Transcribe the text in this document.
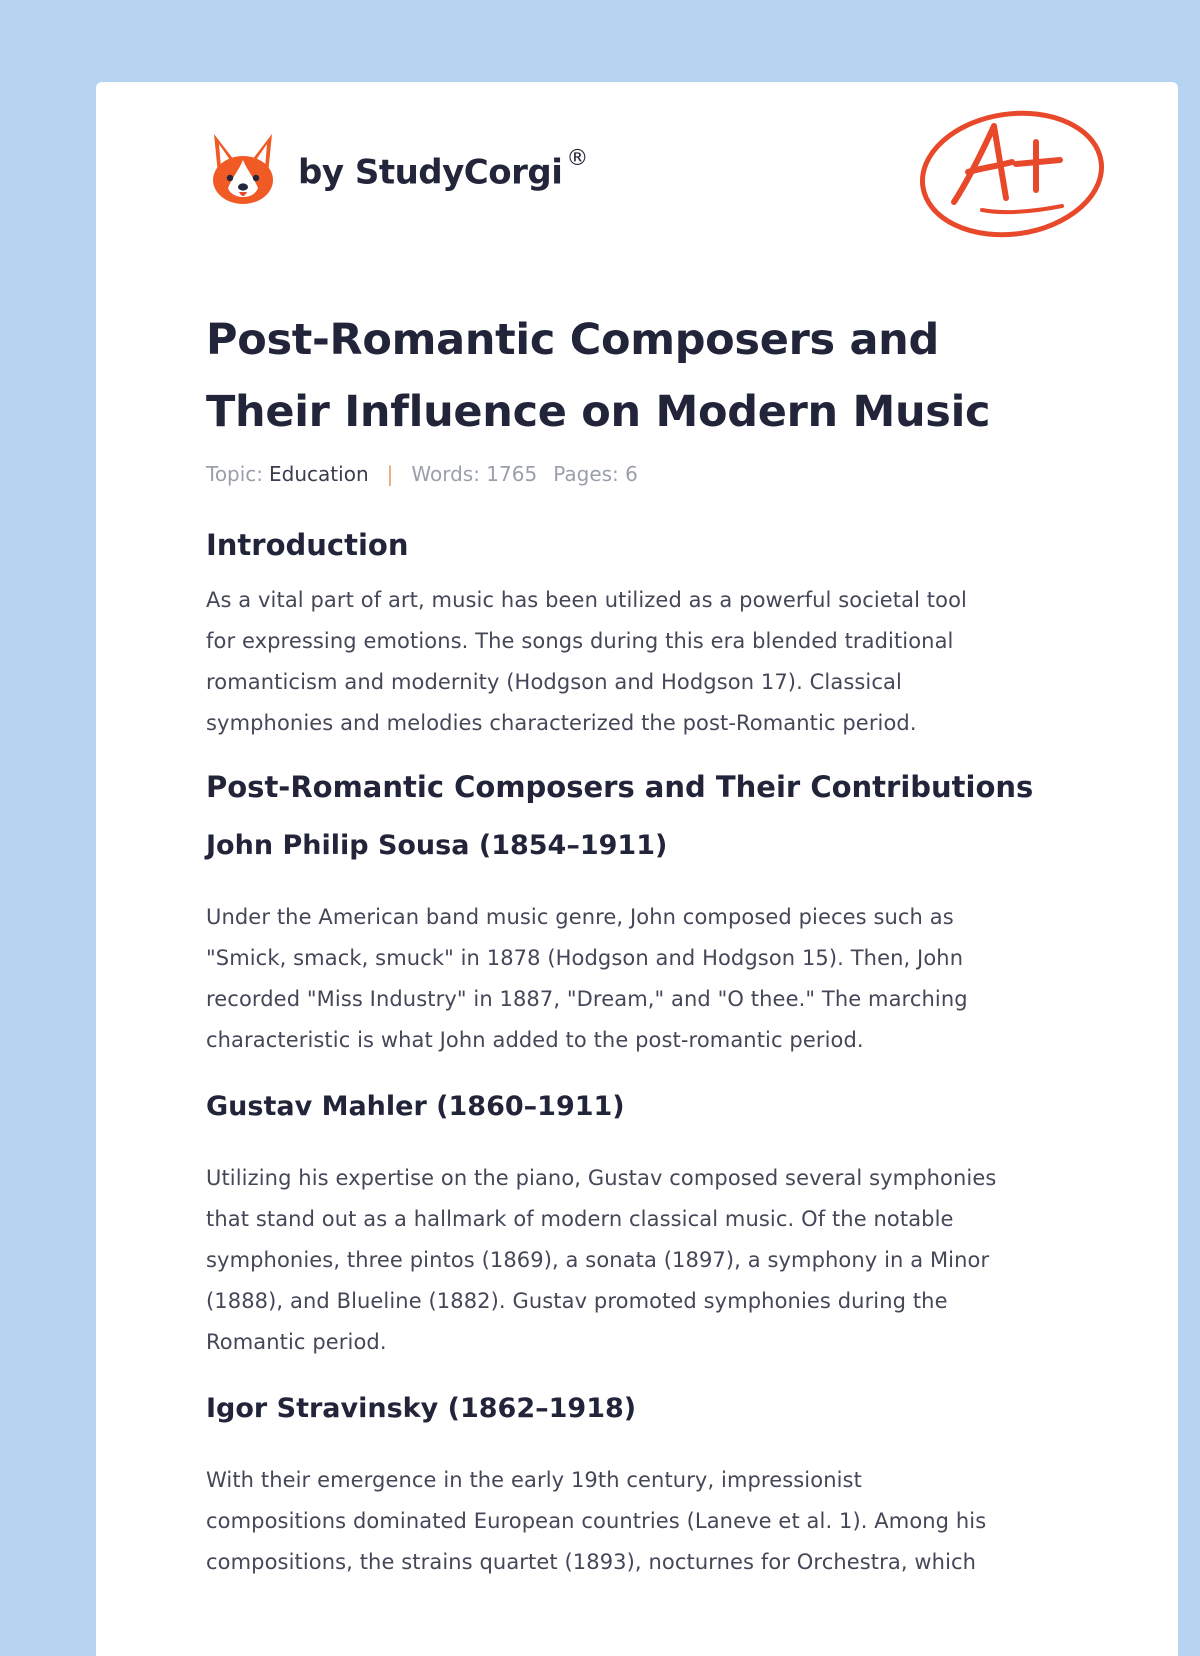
by StudyCorgi ®
Post-Romantic Composers and
Their Influence on Modern Music
Topic: Education | Words: 1765 Pages: 6
Introduction

As a vital part of art, music has been utilized as a powerful societal tool

for expressing emotions. The songs during this era blended traditional

romanticism and modernity (Hodgson and Hodgson 17). Classical

symphonies and melodies characterized the post-Romantic period.

Post-Romantic Composers and Their Contributions
John Philip Sousa (1854–1911)

Under the American band music genre, John composed pieces such as

"Smick, smack, smuck" in 1878 (Hodgson and Hodgson 15). Then, John

recorded "Miss Industry" in 1887, "Dream," and "O thee." The marching

characteristic is what John added to the post-romantic period.

Gustav Mahler (1860–1911)

Utilizing his expertise on the piano, Gustav composed several symphonies

that stand out as a hallmark of modern classical music. Of the notable

symphonies, three pintos (1869), a sonata (1897), a symphony in a Minor

(1888), and Blueline (1882). Gustav promoted symphonies during the

Romantic period.

Igor Stravinsky (1862–1918)

With their emergence in the early 19th century, impressionist

compositions dominated European countries (Laneve et al. 1). Among his

compositions, the strains quartet (1893), nocturnes for Orchestra, which
